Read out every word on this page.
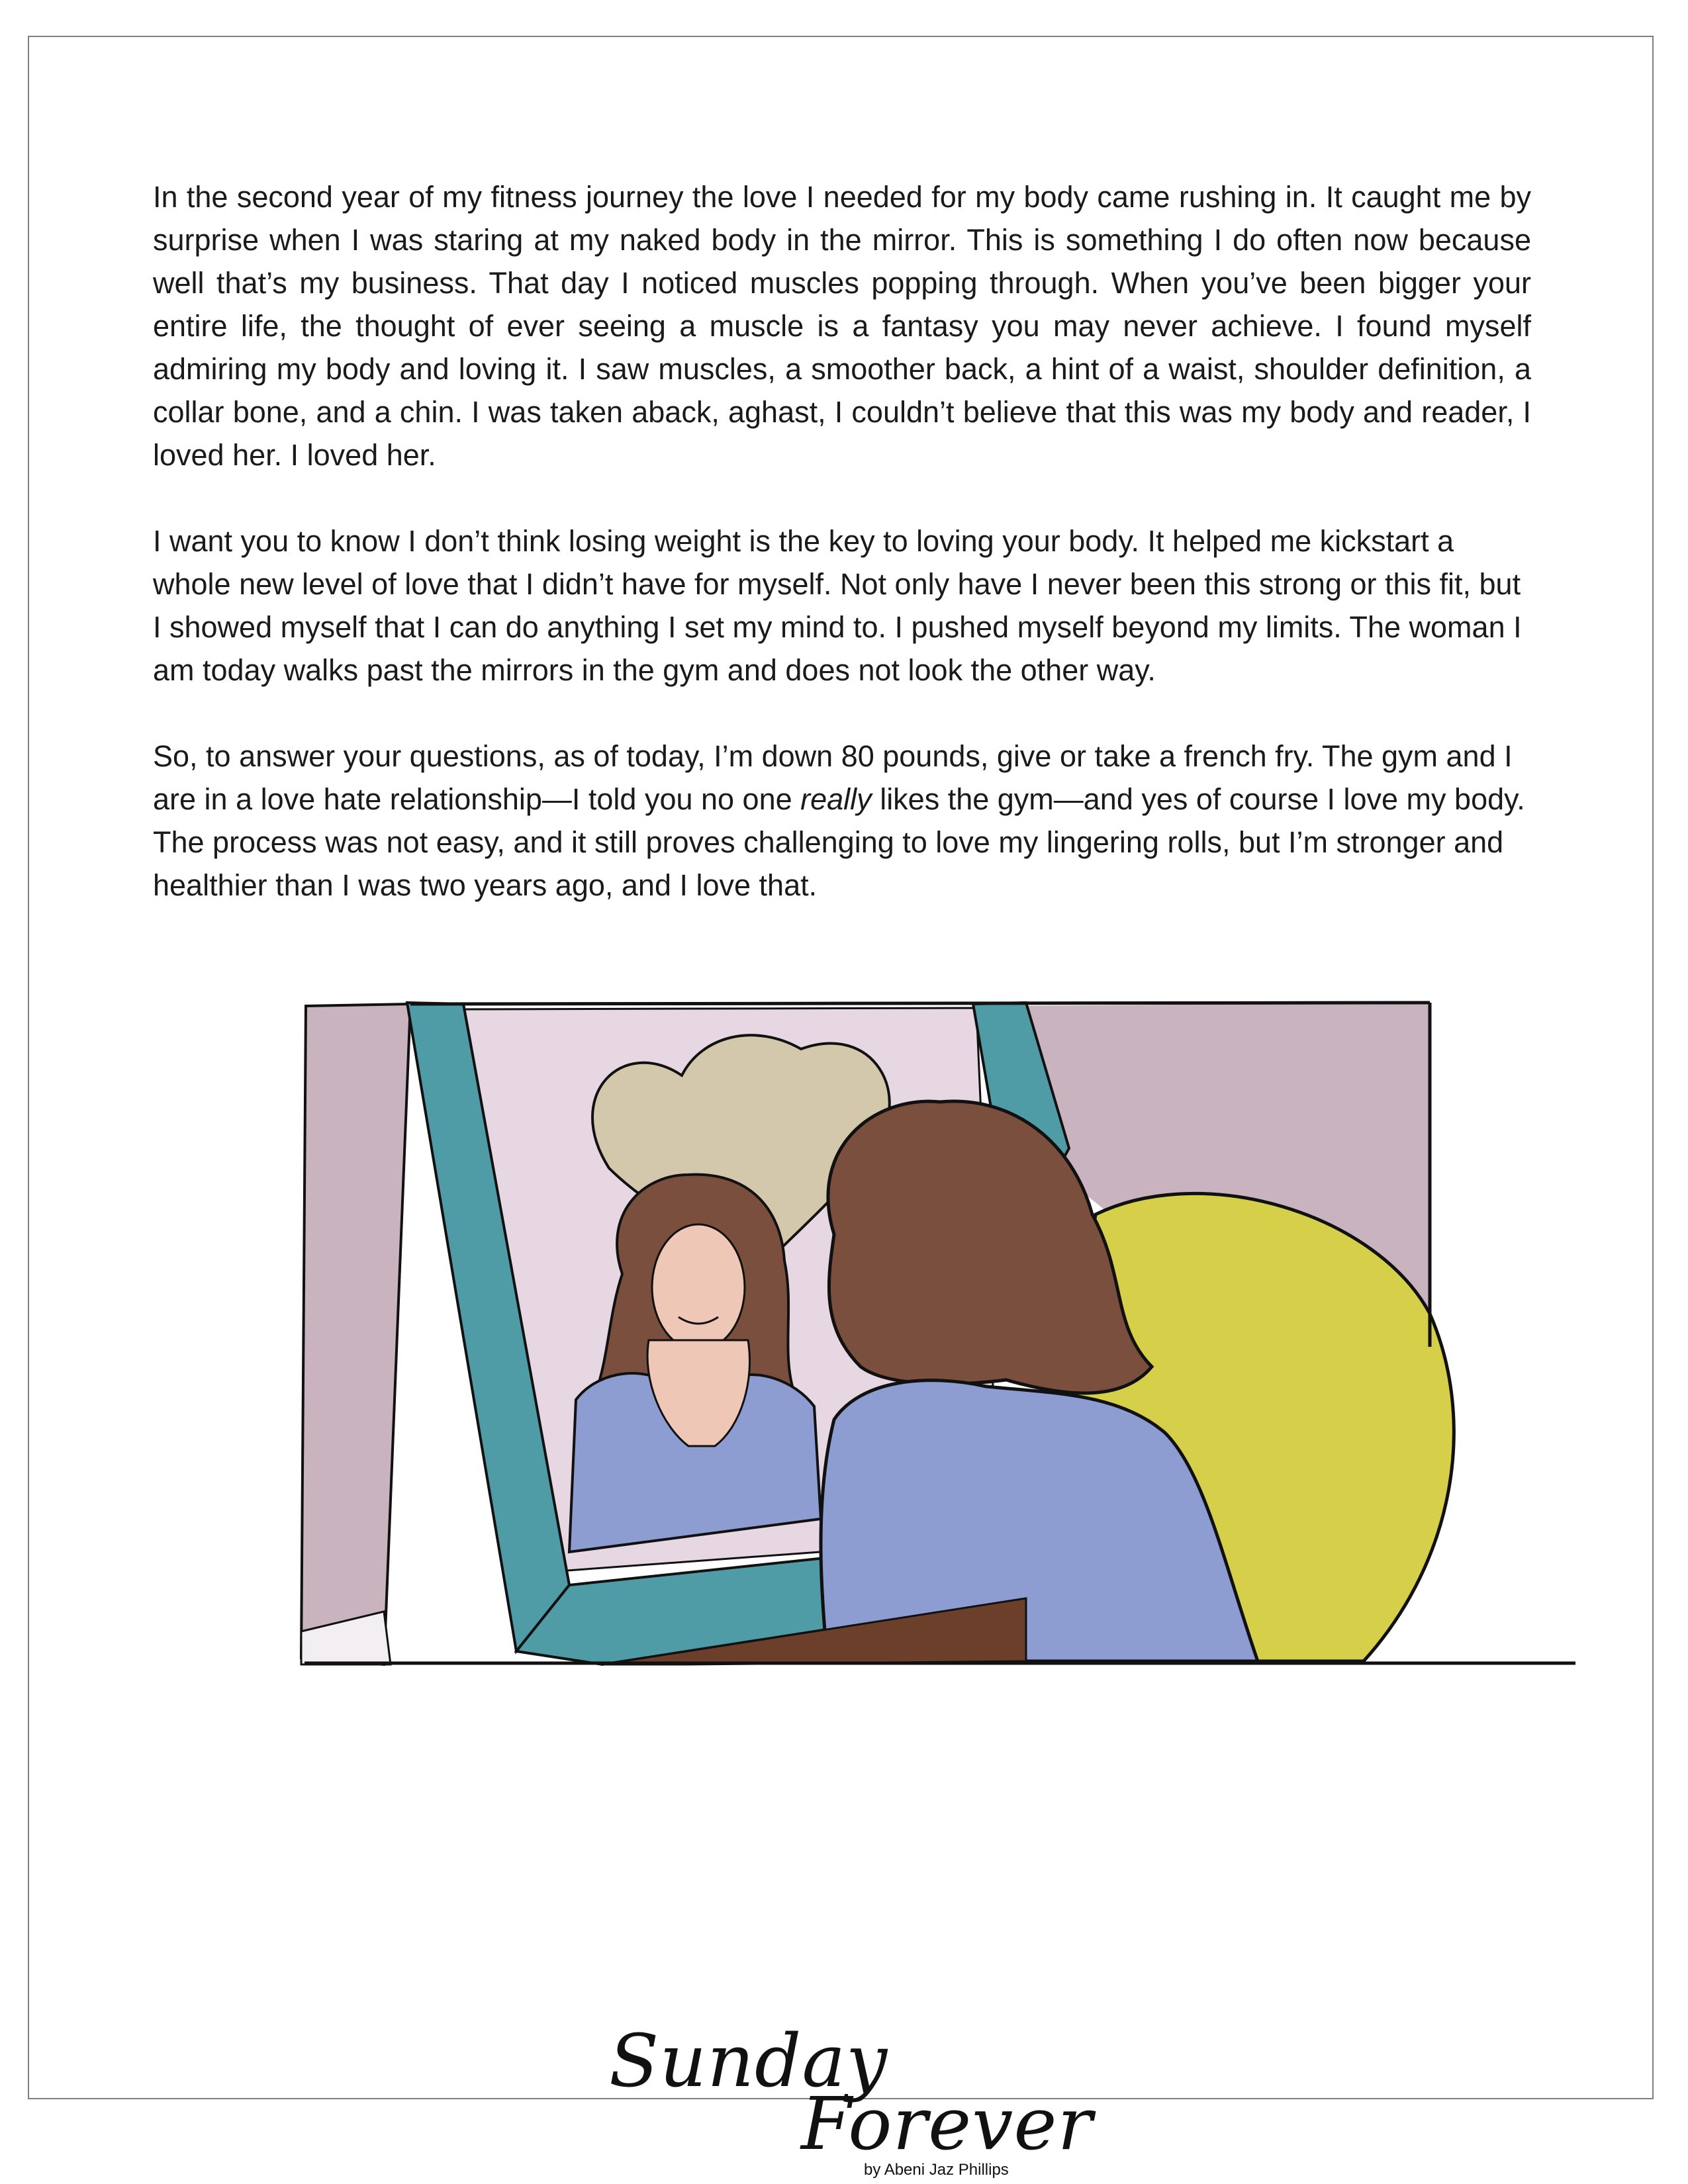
In the second year of my fitness journey the love I needed for my body came rushing in. It caught me by surprise when I was staring at my naked body in the mirror. This is something I do often now because well that’s my business. That day I noticed muscles popping through. When you’ve been bigger your entire life, the thought of ever seeing a muscle is a fantasy you may never achieve. I found myself admiring my body and loving it. I saw muscles, a smoother back, a hint of a waist, shoulder definition, a collar bone, and a chin. I was taken aback, aghast, I couldn’t believe that this was my body and reader, I loved her. I loved her.

I want you to know I don’t think losing weight is the key to loving your body. It helped me kickstart a whole new level of love that I didn’t have for myself. Not only have I never been this strong or this fit, but I showed myself that I can do anything I set my mind to. I pushed myself beyond my limits. The woman I am today walks past the mirrors in the gym and does not look the other way.

So, to answer your questions, as of today, I’m down 80 pounds, give or take a french fry. The gym and I are in a love hate relationship—I told you no one really likes the gym—and yes of course I love my body. The process was not easy, and it still proves challenging to love my lingering rolls, but I’m stronger and healthier than I was two years ago, and I love that.

Sunday
Forever
by Abeni Jaz Phillips
